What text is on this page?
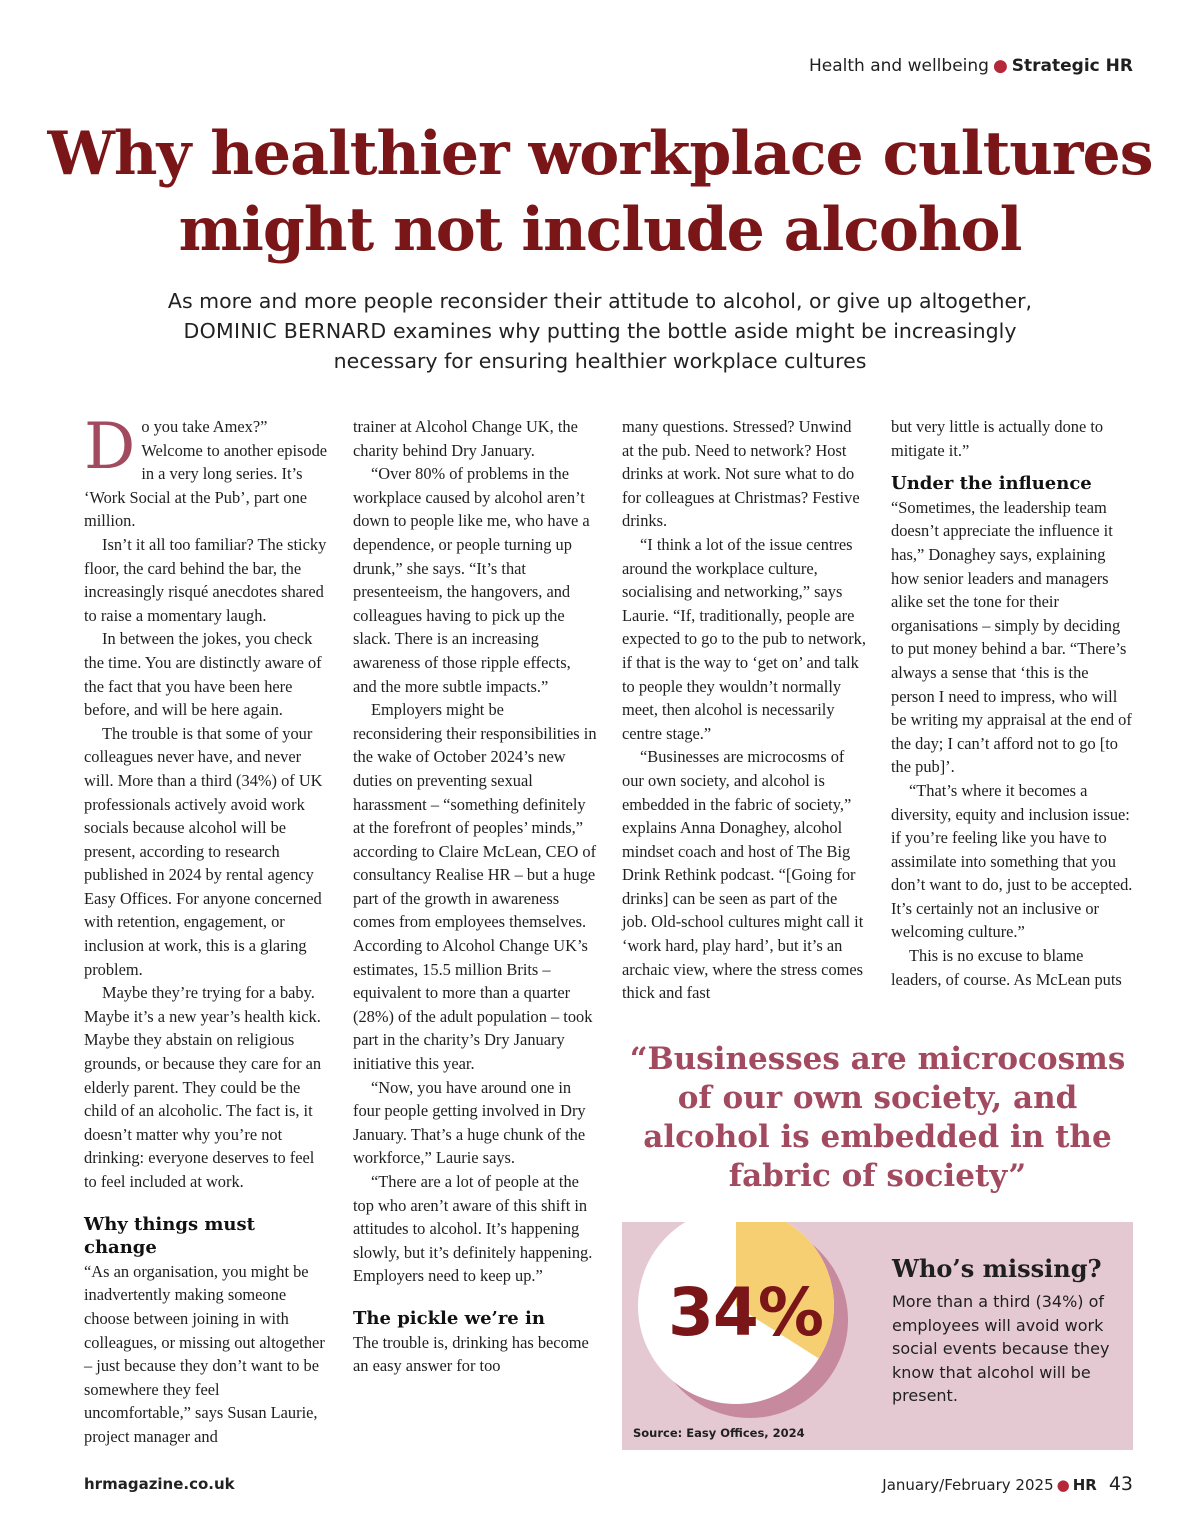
Health and wellbeing ● Strategic HR
Why healthier workplace cultures
might not include alcohol
As more and more people reconsider their attitude to alcohol, or give up altogether,
DOMINIC BERNARD examines why putting the bottle aside might be increasingly
necessary for ensuring healthier workplace cultures

Do you take Amex?” Welcome to another episode in a very long series. It’s ‘Work Social at the Pub’, part one million.

Isn’t it all too familiar? The sticky floor, the card behind the bar, the increasingly risqué anecdotes shared to raise a momentary laugh.

In between the jokes, you check the time. You are distinctly aware of the fact that you have been here before, and will be here again.

The trouble is that some of your colleagues never have, and never will. More than a third (34%) of UK professionals actively avoid work socials because alcohol will be present, according to research published in 2024 by rental agency Easy Offices. For anyone concerned with retention, engagement, or inclusion at work, this is a glaring problem.

Maybe they’re trying for a baby. Maybe it’s a new year’s health kick. Maybe they abstain on religious grounds, or because they care for an elderly parent. They could be the child of an alcoholic. The fact is, it doesn’t matter why you’re not drinking: everyone deserves to feel to feel included at work.

Why things must change

“As an organisation, you might be inadvertently making someone choose between joining in with colleagues, or missing out altogether – just because they don’t want to be somewhere they feel uncomfortable,” says Susan Laurie, project manager and

trainer at Alcohol Change UK, the charity behind Dry January.

“Over 80% of problems in the workplace caused by alcohol aren’t down to people like me, who have a dependence, or people turning up drunk,” she says. “It’s that presenteeism, the hangovers, and colleagues having to pick up the slack. There is an increasing awareness of those ripple effects, and the more subtle impacts.”

Employers might be reconsidering their responsibilities in the wake of October 2024’s new duties on preventing sexual harassment – “something definitely at the forefront of peoples’ minds,” according to Claire McLean, CEO of consultancy Realise HR – but a huge part of the growth in awareness comes from employees themselves. According to Alcohol Change UK’s estimates, 15.5 million Brits – equivalent to more than a quarter (28%) of the adult population – took part in the charity’s Dry January initiative this year.

“Now, you have around one in four people getting involved in Dry January. That’s a huge chunk of the workforce,” Laurie says.

“There are a lot of people at the top who aren’t aware of this shift in attitudes to alcohol. It’s happening slowly, but it’s definitely happening. Employers need to keep up.”

The pickle we’re in

The trouble is, drinking has become an easy answer for too

many questions. Stressed? Unwind at the pub. Need to network? Host drinks at work. Not sure what to do for colleagues at Christmas? Festive drinks.

“I think a lot of the issue centres around the workplace culture, socialising and networking,” says Laurie. “If, traditionally, people are expected to go to the pub to network, if that is the way to ‘get on’ and talk to people they wouldn’t normally meet, then alcohol is necessarily centre stage.”

“Businesses are microcosms of our own society, and alcohol is embedded in the fabric of society,” explains Anna Donaghey, alcohol mindset coach and host of The Big Drink Rethink podcast. “[Going for drinks] can be seen as part of the job. Old-school cultures might call it ‘work hard, play hard’, but it’s an archaic view, where the stress comes thick and fast

but very little is actually done to mitigate it.”

Under the influence

“Sometimes, the leadership team doesn’t appreciate the influence it has,” Donaghey says, explaining how senior leaders and managers alike set the tone for their organisations – simply by deciding to put money behind a bar. “There’s always a sense that ‘this is the person I need to impress, who will be writing my appraisal at the end of the day; I can’t afford not to go [to the pub]’.

“That’s where it becomes a diversity, equity and inclusion issue: if you’re feeling like you have to assimilate into something that you don’t want to do, just to be accepted. It’s certainly not an inclusive or welcoming culture.”

This is no excuse to blame leaders, of course. As McLean puts

“Businesses are microcosms of our own society, and alcohol is embedded in the fabric of society”
34%
Who’s missing?
More than a third (34%) of employees will avoid work social events because they know that alcohol will be present.
Source: Easy Offices, 2024
hrmagazine.co.uk	January/February 2025 ● HR 43
